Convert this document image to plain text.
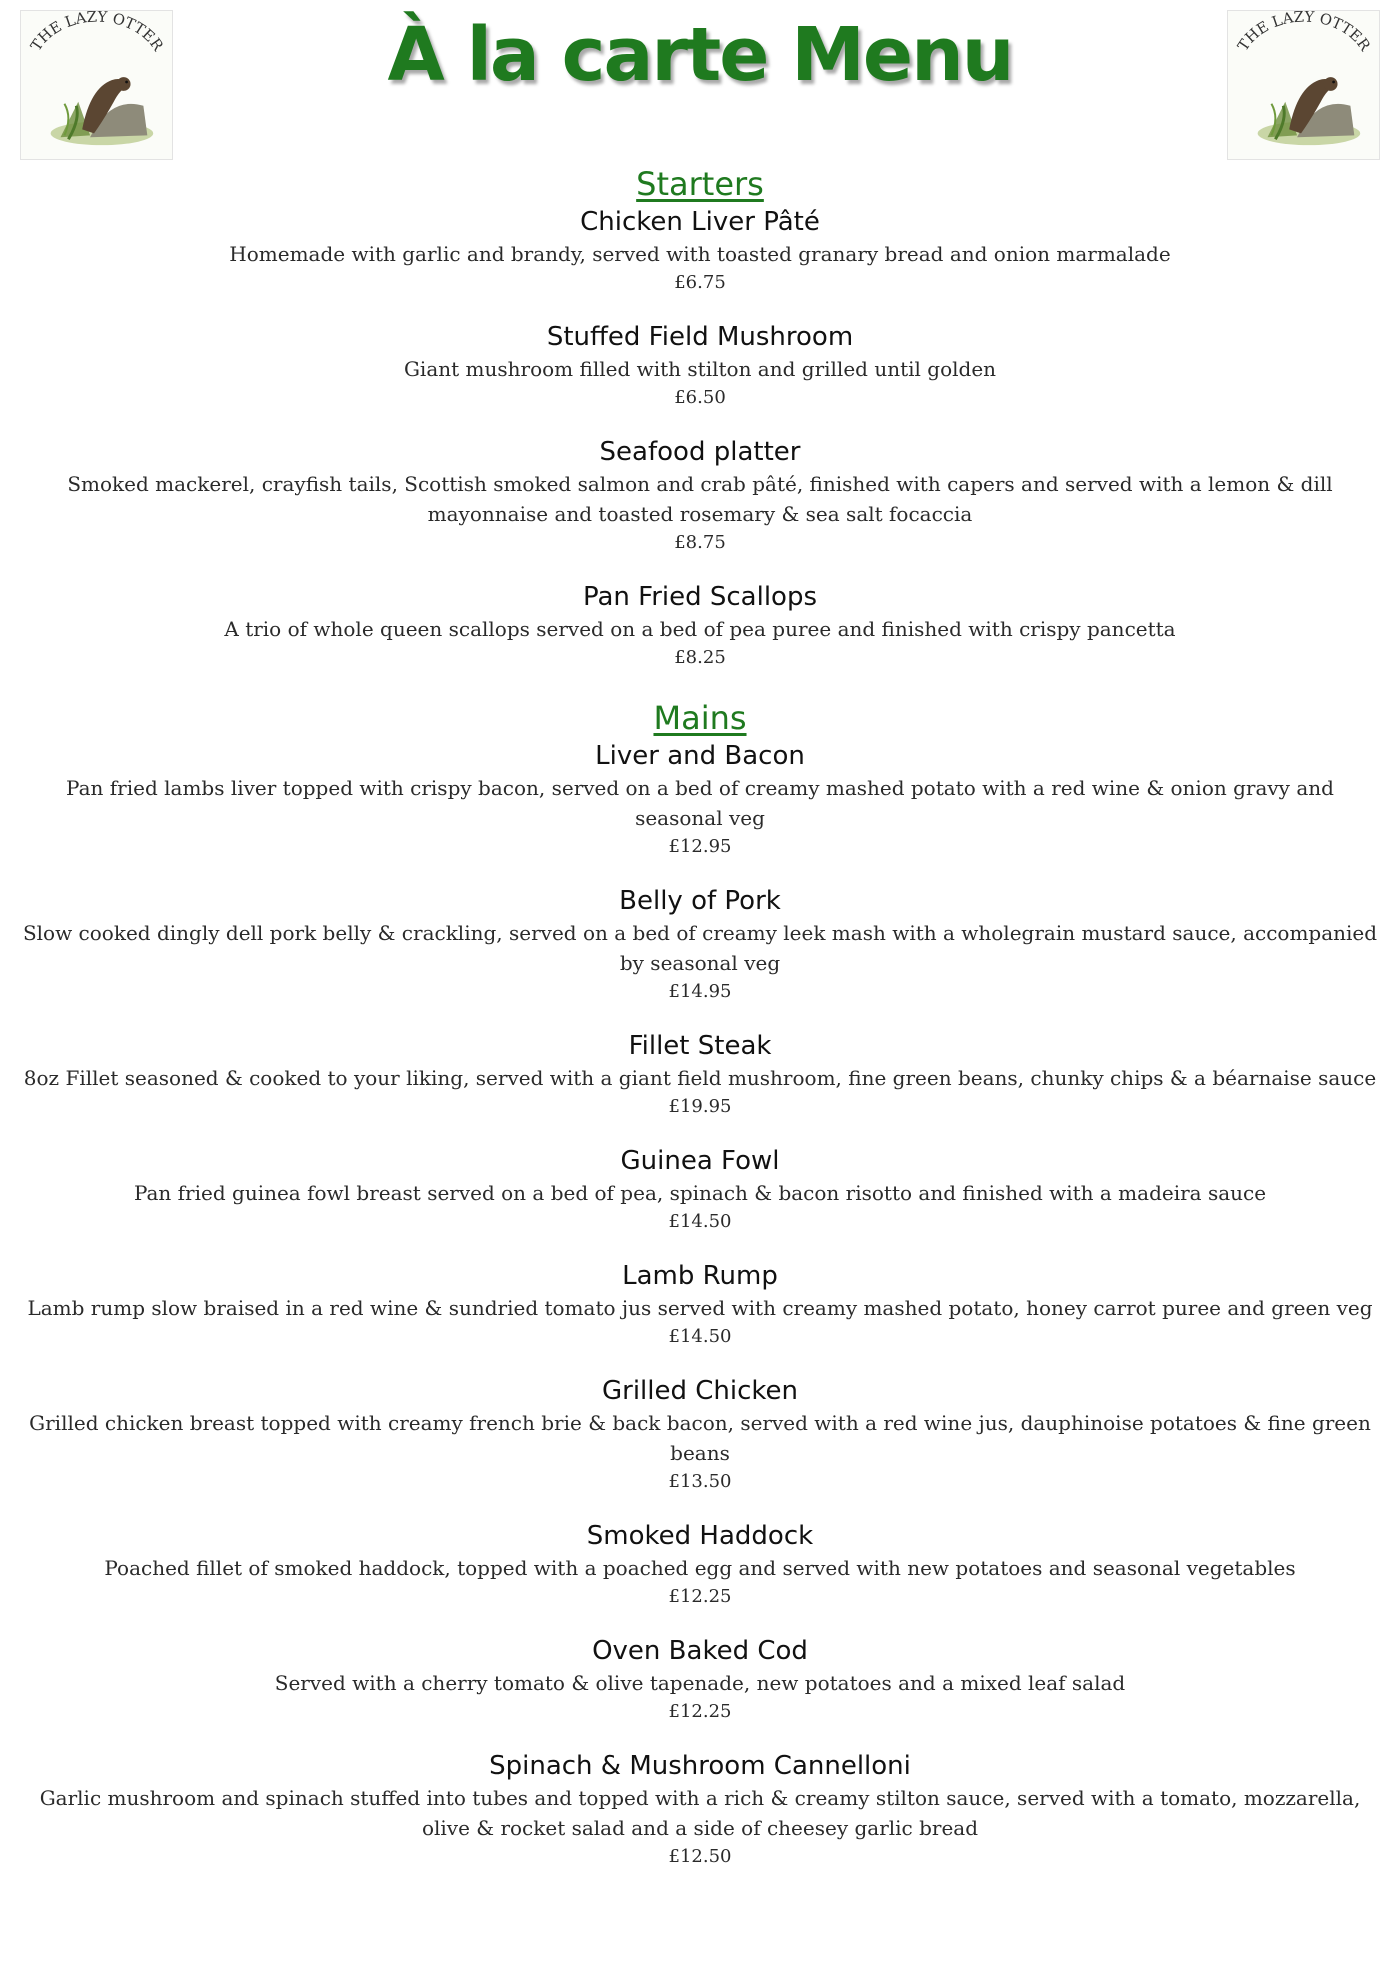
THE LAZY OTTER	THE LAZY OTTER
À la carte Menu
Starters
Chicken Liver Pâté
Homemade with garlic and brandy, served with toasted granary bread and onion marmalade
£6.75
Stuffed Field Mushroom
Giant mushroom filled with stilton and grilled until golden
£6.50
Seafood platter
Smoked mackerel, crayfish tails, Scottish smoked salmon and crab pâté, finished with capers and served with a lemon & dill mayonnaise and toasted rosemary & sea salt focaccia
£8.75
Pan Fried Scallops
A trio of whole queen scallops served on a bed of pea puree and finished with crispy pancetta
£8.25
Mains
Liver and Bacon
Pan fried lambs liver topped with crispy bacon, served on a bed of creamy mashed potato with a red wine & onion gravy and seasonal veg
£12.95
Belly of Pork
Slow cooked dingly dell pork belly & crackling, served on a bed of creamy leek mash with a wholegrain mustard sauce, accompanied by seasonal veg
£14.95
Fillet Steak
8oz Fillet seasoned & cooked to your liking, served with a giant field mushroom, fine green beans, chunky chips & a béarnaise sauce
£19.95
Guinea Fowl
Pan fried guinea fowl breast served on a bed of pea, spinach & bacon risotto and finished with a madeira sauce
£14.50
Lamb Rump
Lamb rump slow braised in a red wine & sundried tomato jus served with creamy mashed potato, honey carrot puree and green veg
£14.50
Grilled Chicken
Grilled chicken breast topped with creamy french brie & back bacon, served with a red wine jus, dauphinoise potatoes & fine green beans
£13.50
Smoked Haddock
Poached fillet of smoked haddock, topped with a poached egg and served with new potatoes and seasonal vegetables
£12.25
Oven Baked Cod
Served with a cherry tomato & olive tapenade, new potatoes and a mixed leaf salad
£12.25
Spinach & Mushroom Cannelloni
Garlic mushroom and spinach stuffed into tubes and topped with a rich & creamy stilton sauce, served with a tomato, mozzarella, olive & rocket salad and a side of cheesey garlic bread
£12.50
